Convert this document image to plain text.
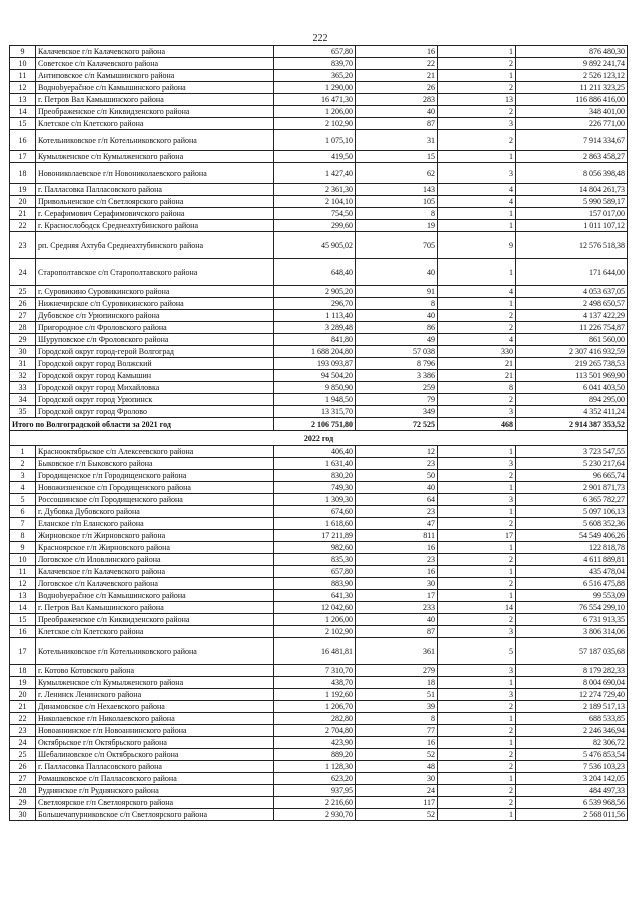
222
9	Калачевское г/п Калачевского района	657,80	16	1	876 480,30
10	Советское с/п Калачевского района	839,70	22	2	9 892 241,74
11	Антиповское с/п Камышинского района	365,20	21	1	2 526 123,12
12	Водноbуераčное с/п Камышинского района	1 290,00	26	2	11 211 323,25
13	г. Петров Вал Камышинского района	16 471,30	283	13	116 886 416,00
14	Преображенское с/п Киквидзенского района	1 206,00	40	2	348 401,00
15	Клетское с/п Клетского района	2 102,90	87	3	226 771,00
16	Котельниковское г/п Котельниковского района	1 075,10	31	2	7 914 334,67
17	Кумылженское с/п Кумылженского района	419,50	15	1	2 863 458,27
18	Новониколаевское г/п Новониколаевского района	1 427,40	62	3	8 056 398,48
19	г. Палласовка Палласовского района	2 361,30	143	4	14 804 261,73
20	Привольненское с/п Светлоярского района	2 104,10	105	4	5 990 589,17
21	г. Серафимович Серафимовичского района	754,50	8	1	157 017,00
22	г. Краснослободск Среднеахтубинского района	299,60	19	1	1 011 107,12
23	рп. Средняя Ахтуба Среднеахтубинского района	45 905,02	705	9	12 576 518,38
24	Старополтавское с/п Старополтавского района	648,40	40	1	171 644,00
25	г. Суровикино Суровикинского района	2 905,20	91	4	4 053 637,05
26	Нижнечирское с/п Суровикинского района	296,70	8	1	2 498 650,57
27	Дубовское с/п Урюпинского района	1 113,40	40	2	4 137 422,29
28	Пригородное с/п Фроловского района	3 289,48	86	2	11 226 754,87
29	Шуруповское с/п Фроловского района	841,80	49	4	861 560,00
30	Городской округ город-герой Волгоград	1 688 204,80	57 038	330	2 307 416 932,59
31	Городской округ город Волжский	193 093,87	8 796	21	219 265 738,53
32	Городской округ город Камышин	94 504,20	3 386	21	113 501 969,90
33	Городской округ город Михайловка	9 850,90	259	8	6 041 403,50
34	Городской округ город Урюпинск	1 948,50	79	2	894 295,00
35	Городской округ город Фролово	13 315,70	349	3	4 352 411,24
Итого по Волгоградской области за 2021 год		2 106 751,80	72 525	468	2 914 387 353,52
2022 год					
1	Красноoктябрьское с/п Алексеевского района	406,40	12	1	3 723 547,55
2	Быковское г/п Быковского района	1 631,40	23	3	5 230 217,64
3	Городищенское г/п Городищенского района	830,20	50	2	96 665,74
4	Новожизненское с/п Городищенского района	749,30	40	1	2 901 871,73
5	Россошинское с/п Городищенского района	1 309,30	64	3	6 365 782,27
6	г. Дубовка Дубовского района	674,60	23	1	5 097 106,13
7	Еланское г/п Еланского района	1 618,60	47	2	5 608 352,36
8	Жирновское г/п Жирновского района	17 211,89	811	17	54 549 406,26
9	Красноярское г/п Жирновского района	982,60	16	1	122 818,78
10	Логовское с/п Иловлинского района	835,30	23	2	4 611 889,81
11	Калачевское г/п Калачевского района	657,80	16	1	435 478,04
12	Логовское с/п Калачевского района	883,90	30	2	6 516 475,88
13	Водноbуераčное с/п Камышинского района	641,30	17	1	99 553,09
14	г. Петров Вал Камышинского района	12 042,60	233	14	76 554 299,10
15	Преображенское с/п Киквидзенского района	1 206,00	40	2	6 731 913,35
16	Клетское с/п Клетского района	2 102,90	87	3	3 806 314,06
17	Котельниковское г/п Котельниковского района	16 481,81	361	5	57 187 035,68
18	г. Котово Котовского района	7 310,70	279	3	8 179 282,33
19	Кумылженское с/п Кумылженского района	438,70	18	1	8 004 690,04
20	г. Ленинск Ленинского района	1 192,60	51	3	12 274 729,40
21	Динамовское с/п Нехаевского района	1 206,70	39	2	2 189 517,13
22	Николаевское г/п Николаевского района	282,80	8	1	688 533,85
23	Новоаннинское г/п Новоаннинского района	2 704,80	77	2	2 246 346,94
24	Октябрьское г/п Октябрьского района	423,90	16	1	82 306,72
25	Шебалиновское с/п Октябрьского района	889,20	52	2	5 476 853,54
26	г. Палласовка Палласовского района	1 128,30	48	2	7 536 103,23
27	Ромашковское с/п Палласовского района	623,20	30	1	3 204 142,05
28	Руднянское г/п Руднянского района	937,95	24	2	484 497,33
29	Светлоярское г/п Светлоярского района	2 216,60	117	2	6 539 968,56
30	Большечапурниковское с/п Светлоярского района	2 930,70	52	1	2 568 011,56
